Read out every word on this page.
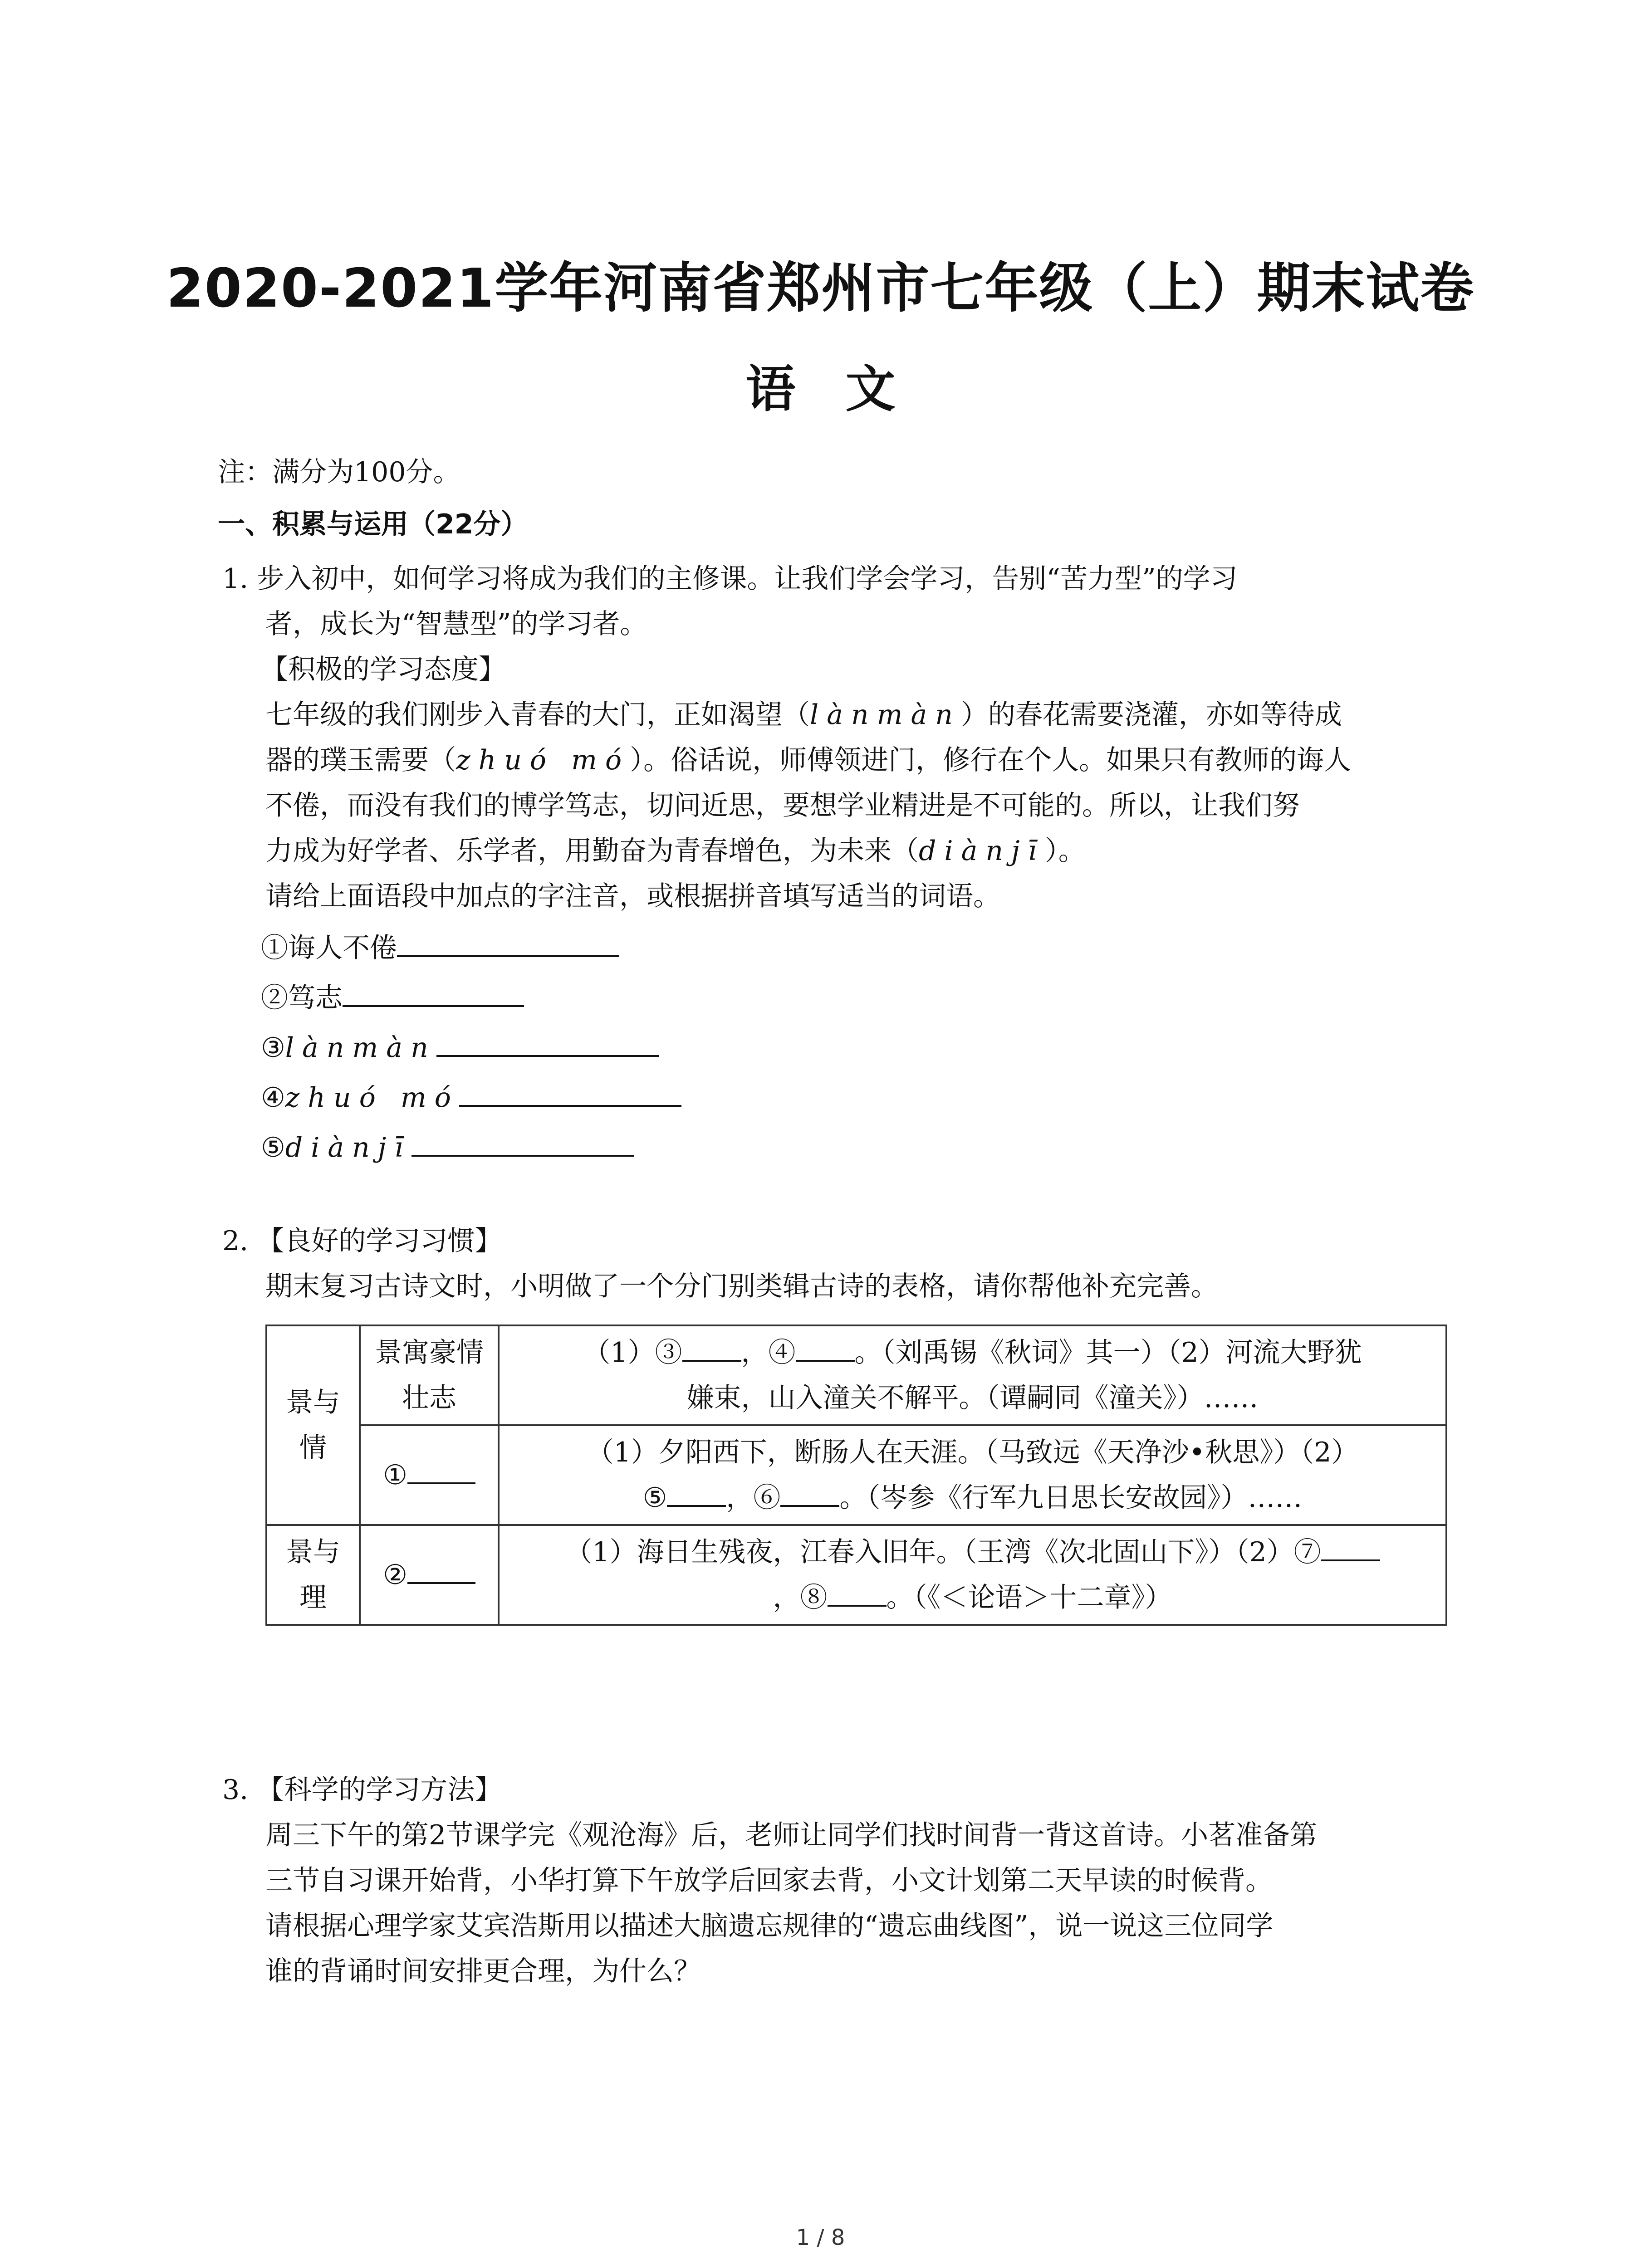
2020-2021学年河南省郑州市七年级（上）期末试卷
语文
注：满分为100分。
一、积累与运用（22分）
1. 步入初中，如何学习将成为我们的主修课。让我们学会学习，告别“苦力型”的学习
者，成长为“智慧型”的学习者。
【积极的学习态度】
七年级的我们刚步入青春的大门，正如渴望（lànmàn）的春花需要浇灌，亦如等待成
器的璞玉需要（zhuó mó）。俗话说，师傅领进门，修行在个人。如果只有教师的诲人
不倦，而没有我们的博学笃志，切问近思，要想学业精进是不可能的。所以，让我们努
力成为好学者、乐学者，用勤奋为青春增色，为未来（diànjī）。
请给上面语段中加点的字注音，或根据拼音填写适当的词语。
①诲人不倦
②笃志
③lànmàn
④zhuó mó
⑤diànjī
2. 【良好的学习习惯】
期末复习古诗文时，小明做了一个分门别类辑古诗的表格，请你帮他补充完善。
景与情	景寓豪情壮志	（1）③ ，④ 。（刘禹锡《秋词》其一）（2）河流大野犹
嫌束，山入潼关不解平。（谭嗣同《潼关》）……
	①	（1）夕阳西下，断肠人在天涯。（马致远《天净沙•秋思》）（2）
⑤ ，⑥ 。（岑参《行军九日思长安故园》）……
景与理	②	（1）海日生残夜，江春入旧年。（王湾《次北固山下》）（2）⑦
，⑧ 。（《＜论语＞十二章》）
3. 【科学的学习方法】
周三下午的第2节课学完《观沧海》后，老师让同学们找时间背一背这首诗。小茗准备第
三节自习课开始背，小华打算下午放学后回家去背，小文计划第二天早读的时候背。
请根据心理学家艾宾浩斯用以描述大脑遗忘规律的“遗忘曲线图”，说一说这三位同学
谁的背诵时间安排更合理，为什么？
1 / 8
